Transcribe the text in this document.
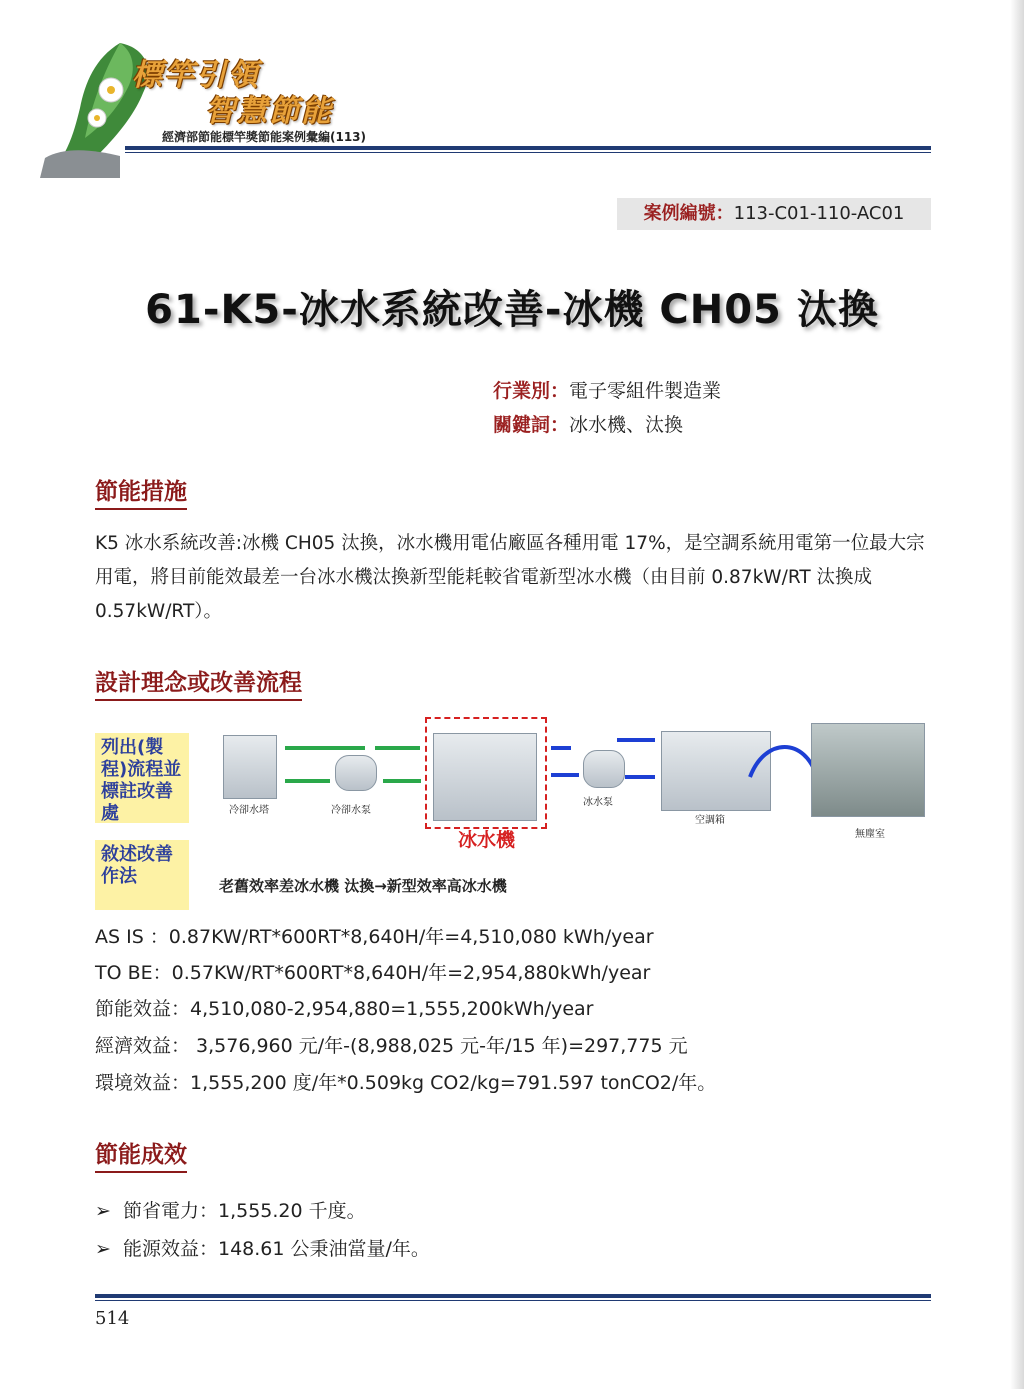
標竿引領
智慧節能
經濟部節能標竿獎節能案例彙編(113)
案例編號：113-C01-110-AC01
61-K5-冰水系統改善-冰機 CH05 汰換
行業別：電子零組件製造業
關鍵詞：冰水機、汰換
節能措施
K5 冰水系統改善:冰機 CH05 汰換，冰水機用電佔廠區各種用電 17%，是空調系統用電第一位最大宗用電，將目前能效最差一台冰水機汰換新型能耗較省電新型冰水機（由目前 0.87kW/RT 汰換成 0.57kW/RT）。
設計理念或改善流程
列出(製程)流程並標註改善處
敘述改善作法
冷卻水塔	冷卻水泵
冰水機
冰水泵
空調箱
無塵室
老舊效率差冰水機 汰換→新型效率高冰水機
AS IS ：0.87KW/RT*600RT*8,640H/年=4,510,080 kWh/year
TO BE：0.57KW/RT*600RT*8,640H/年=2,954,880kWh/year
節能效益：4,510,080-2,954,880=1,555,200kWh/year
經濟效益： 3,576,960 元/年-(8,988,025 元-年/15 年)=297,775 元
環境效益：1,555,200 度/年*0.509kg CO2/kg=791.597 tonCO2/年。
節能成效
➢ 節省電力：1,555.20 千度。
➢ 能源效益：148.61 公秉油當量/年。
514
